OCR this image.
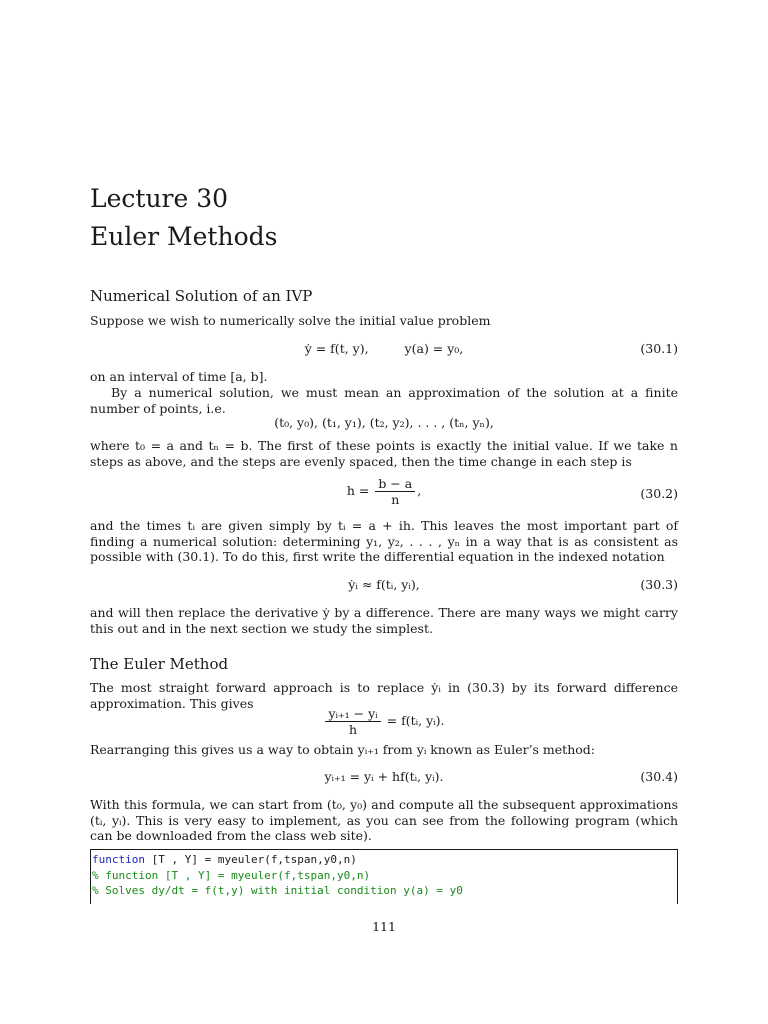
Lecture 30
Euler Methods
Numerical Solution of an IVP

Suppose we wish to numerically solve the initial value problem

ẏ = f(t, y),	y(a) = y₀,	(30.1)

on an interval of time [a, b].

By a numerical solution, we must mean an approximation of the solution at a finite number of points, i.e.

(t₀, y₀), (t₁, y₁), (t₂, y₂), . . . , (tₙ, yₙ),

where t₀ = a and tₙ = b. The first of these points is exactly the initial value. If we take n steps as above, and the steps are evenly spaced, then the time change in each step is

$h = \frac{b - a}{n}$ ,	(30.2)

and the times tᵢ are given simply by tᵢ = a + ih. This leaves the most important part of finding a numerical solution: determining y₁, y₂, . . . , yₙ in a way that is as consistent as possible with (30.1). To do this, first write the differential equation in the indexed notation

ẏᵢ ≈ f(tᵢ, yᵢ),	(30.3)

and will then replace the derivative ẏ by a difference. There are many ways we might carry this out and in the next section we study the simplest.

The Euler Method

The most straight forward approach is to replace ẏᵢ in (30.3) by its forward difference approximation. This gives

$\frac{\text{yᵢ₊₁ − yᵢ}}{h}$ = f(tᵢ, yᵢ).

Rearranging this gives us a way to obtain yᵢ₊₁ from yᵢ known as Euler’s method:

yᵢ₊₁ = yᵢ + hf(tᵢ, yᵢ).	(30.4)

With this formula, we can start from (t₀, y₀) and compute all the subsequent approximations (tᵢ, yᵢ). This is very easy to implement, as you can see from the following program (which can be downloaded from the class web site).

function [T , Y] = myeuler(f,tspan,y0,n)
% function [T , Y] = myeuler(f,tspan,y0,n)
% Solves dy/dt = f(t,y) with initial condition y(a) = y0
111
